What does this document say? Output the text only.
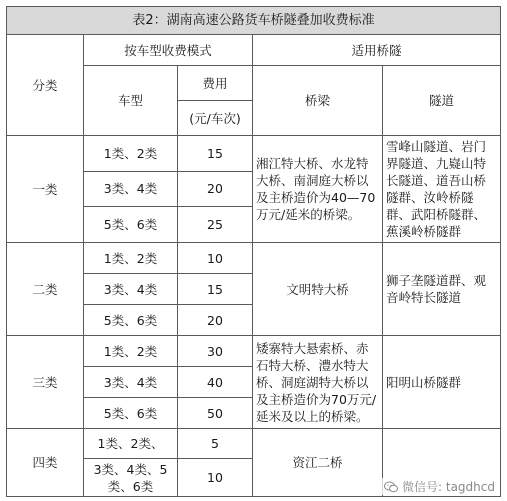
表2：湖南高速公路货车桥隧叠加收费标准				
分类	按车型收费模式		适用桥隧	
	车型	费用	桥梁	隧道
		(元/车次)		
一类	1类、2类	15	湘江特大桥、水龙特大桥、南洞庭大桥以及主桥造价为40—70万元/延米的桥梁。	雪峰山隧道、岩门界隧道、九嶷山特长隧道、道吾山桥隧群、汝岭桥隧群、武阳桥隧群、蕉溪岭桥隧群
	3类、4类	20		
	5类、6类	25		
二类	1类、2类	10	文明特大桥	狮子垄隧道群、观音岭特长隧道
	3类、4类	15		
	5类、6类	20		
三类	1类、2类	30	矮寨特大悬索桥、赤石特大桥、澧水特大桥、洞庭湖特大桥以及主桥造价为70万元/延米及以上的桥梁。	阳明山桥隧群
	3类、4类	40		
	5类、6类	50		
四类	1类、2类、	5	资江二桥	
	3类、4类、5类、6类	10		
微信号: tagdhcd
